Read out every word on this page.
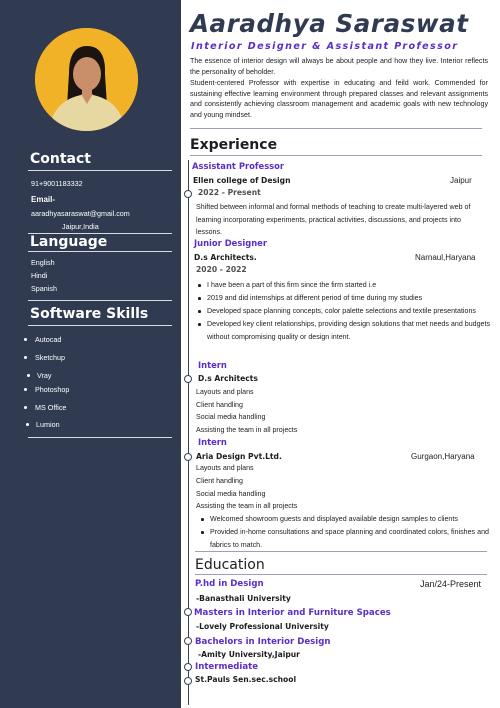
Contact
91+9001183332
Email-
aaradhyasaraswat@gmail.com
Jaipur,India
Language
English
Hindi
Spanish
Software Skills
Autocad
Sketchup
Vray
Photoshop
MS Office
Lumion
Aaradhya Saraswat
Interior Designer & Assistant Professor
The essence of interior design will always be about people and how they live. Interior reflects the personality of beholder.
Student-centered Professor with expertise in educating and feild work. Commended for sustaining effective learning environment through prepared classes and relevant assignments and consistently achieving classroom management and academic goals with new technology and young mindset.
Experience
Assistant Professor
Ellen college of Design	Jaipur
2022 - Present
Shifted between informal and formal methods of teaching to create multi-layered web of learning incorporating experiments, practical activities, discussions, and projects into lessons.
Junior Designer
D.s Architects.	Narnaul,Haryana
2020 - 2022
I have been a part of this firm since the firm started i.e
2019 and did internships at different period of time during my studies
Developed space planning concepts, color palette selections and textile presentations
Developed key client relationships, providing design solutions that met needs and budgets without compromising quality or design intent.
Intern
D.s Architects
Layouts and plans
Client handling
Social media handling
Assisting the team in all projects
Intern
Aria Design Pvt.Ltd.	Gurgaon,Haryana
Layouts and plans
Client handling
Social media handling
Assisting the team in all projects
Welcomed showroom guests and displayed available design samples to clients
Provided in-home consultations and space planning and coordinated colors, finishes and fabrics to match.
Education
P.hd in Design	Jan/24-Present
-Banasthali University
Masters in Interior and Furniture Spaces
-Lovely Professional University
Bachelors in Interior Design
-Amity University,Jaipur
Intermediate
St.Pauls Sen.sec.school
